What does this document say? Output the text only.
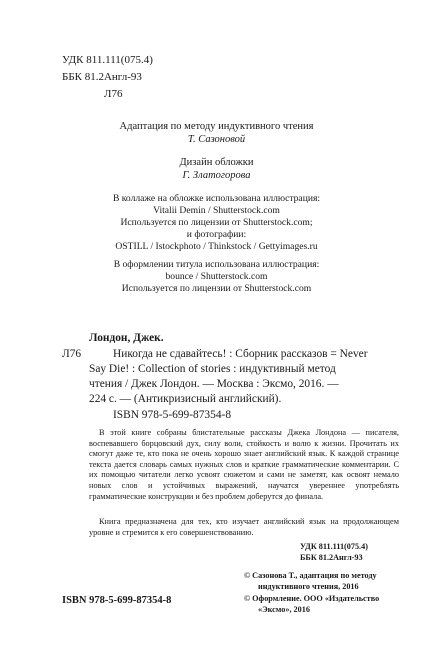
УДК 811.111(075.4)
ББК 81.2Англ-93
Л76
Адаптация по методу индуктивного чтения
Т. Сазоновой
Дизайн обложки
Г. Златогорова
В коллаже на обложке использована иллюстрация:
Vitalii Demin / Shutterstock.com
Используется по лицензии от Shutterstock.com;
и фотографии:
OSTILL / Istockphoto / Thinkstock / Gettyimages.ru
В оформлении титула использована иллюстрация:
bounce / Shutterstock.com
Используется по лицензии от Shutterstock.com
Лондон, Джек.
Л76	Никогда не сдавайтесь! : Сборник рассказов = Never
Say Die! : Collection of stories : индуктивный метод
чтения / Джек Лондон. — Москва : Эксмо, 2016. —
224 с. — (Антикризисный английский).
ISBN 978-5-699-87354-8
В этой книге собраны блистательные рассказы Джека Лондона — писателя, воспевавшего борцовский дух, силу воли, стойкость и волю к жизни. Прочитать их смогут даже те, кто пока не очень хорошо знает английский язык. К каждой странице текста дается словарь самых нужных слов и краткие грамматические комментарии. С их помощью читатели легко усвоят сюжетом и сами не заметят, как освоят немало новых слов и устойчивых выражений, научатся увереннее употреблять грамматические конструкции и без проблем доберутся до финала.
Книга предназначена для тех, кто изучает английский язык на продолжающем уровне и стремится к его совершенствованию.
УДК 811.111(075.4)
ББК 81.2Англ-93
© Сазонова Т., адаптация по методу
индуктивного чтения, 2016
© Оформление. ООО «Издательство
«Эксмо», 2016
ISBN 978-5-699-87354-8
